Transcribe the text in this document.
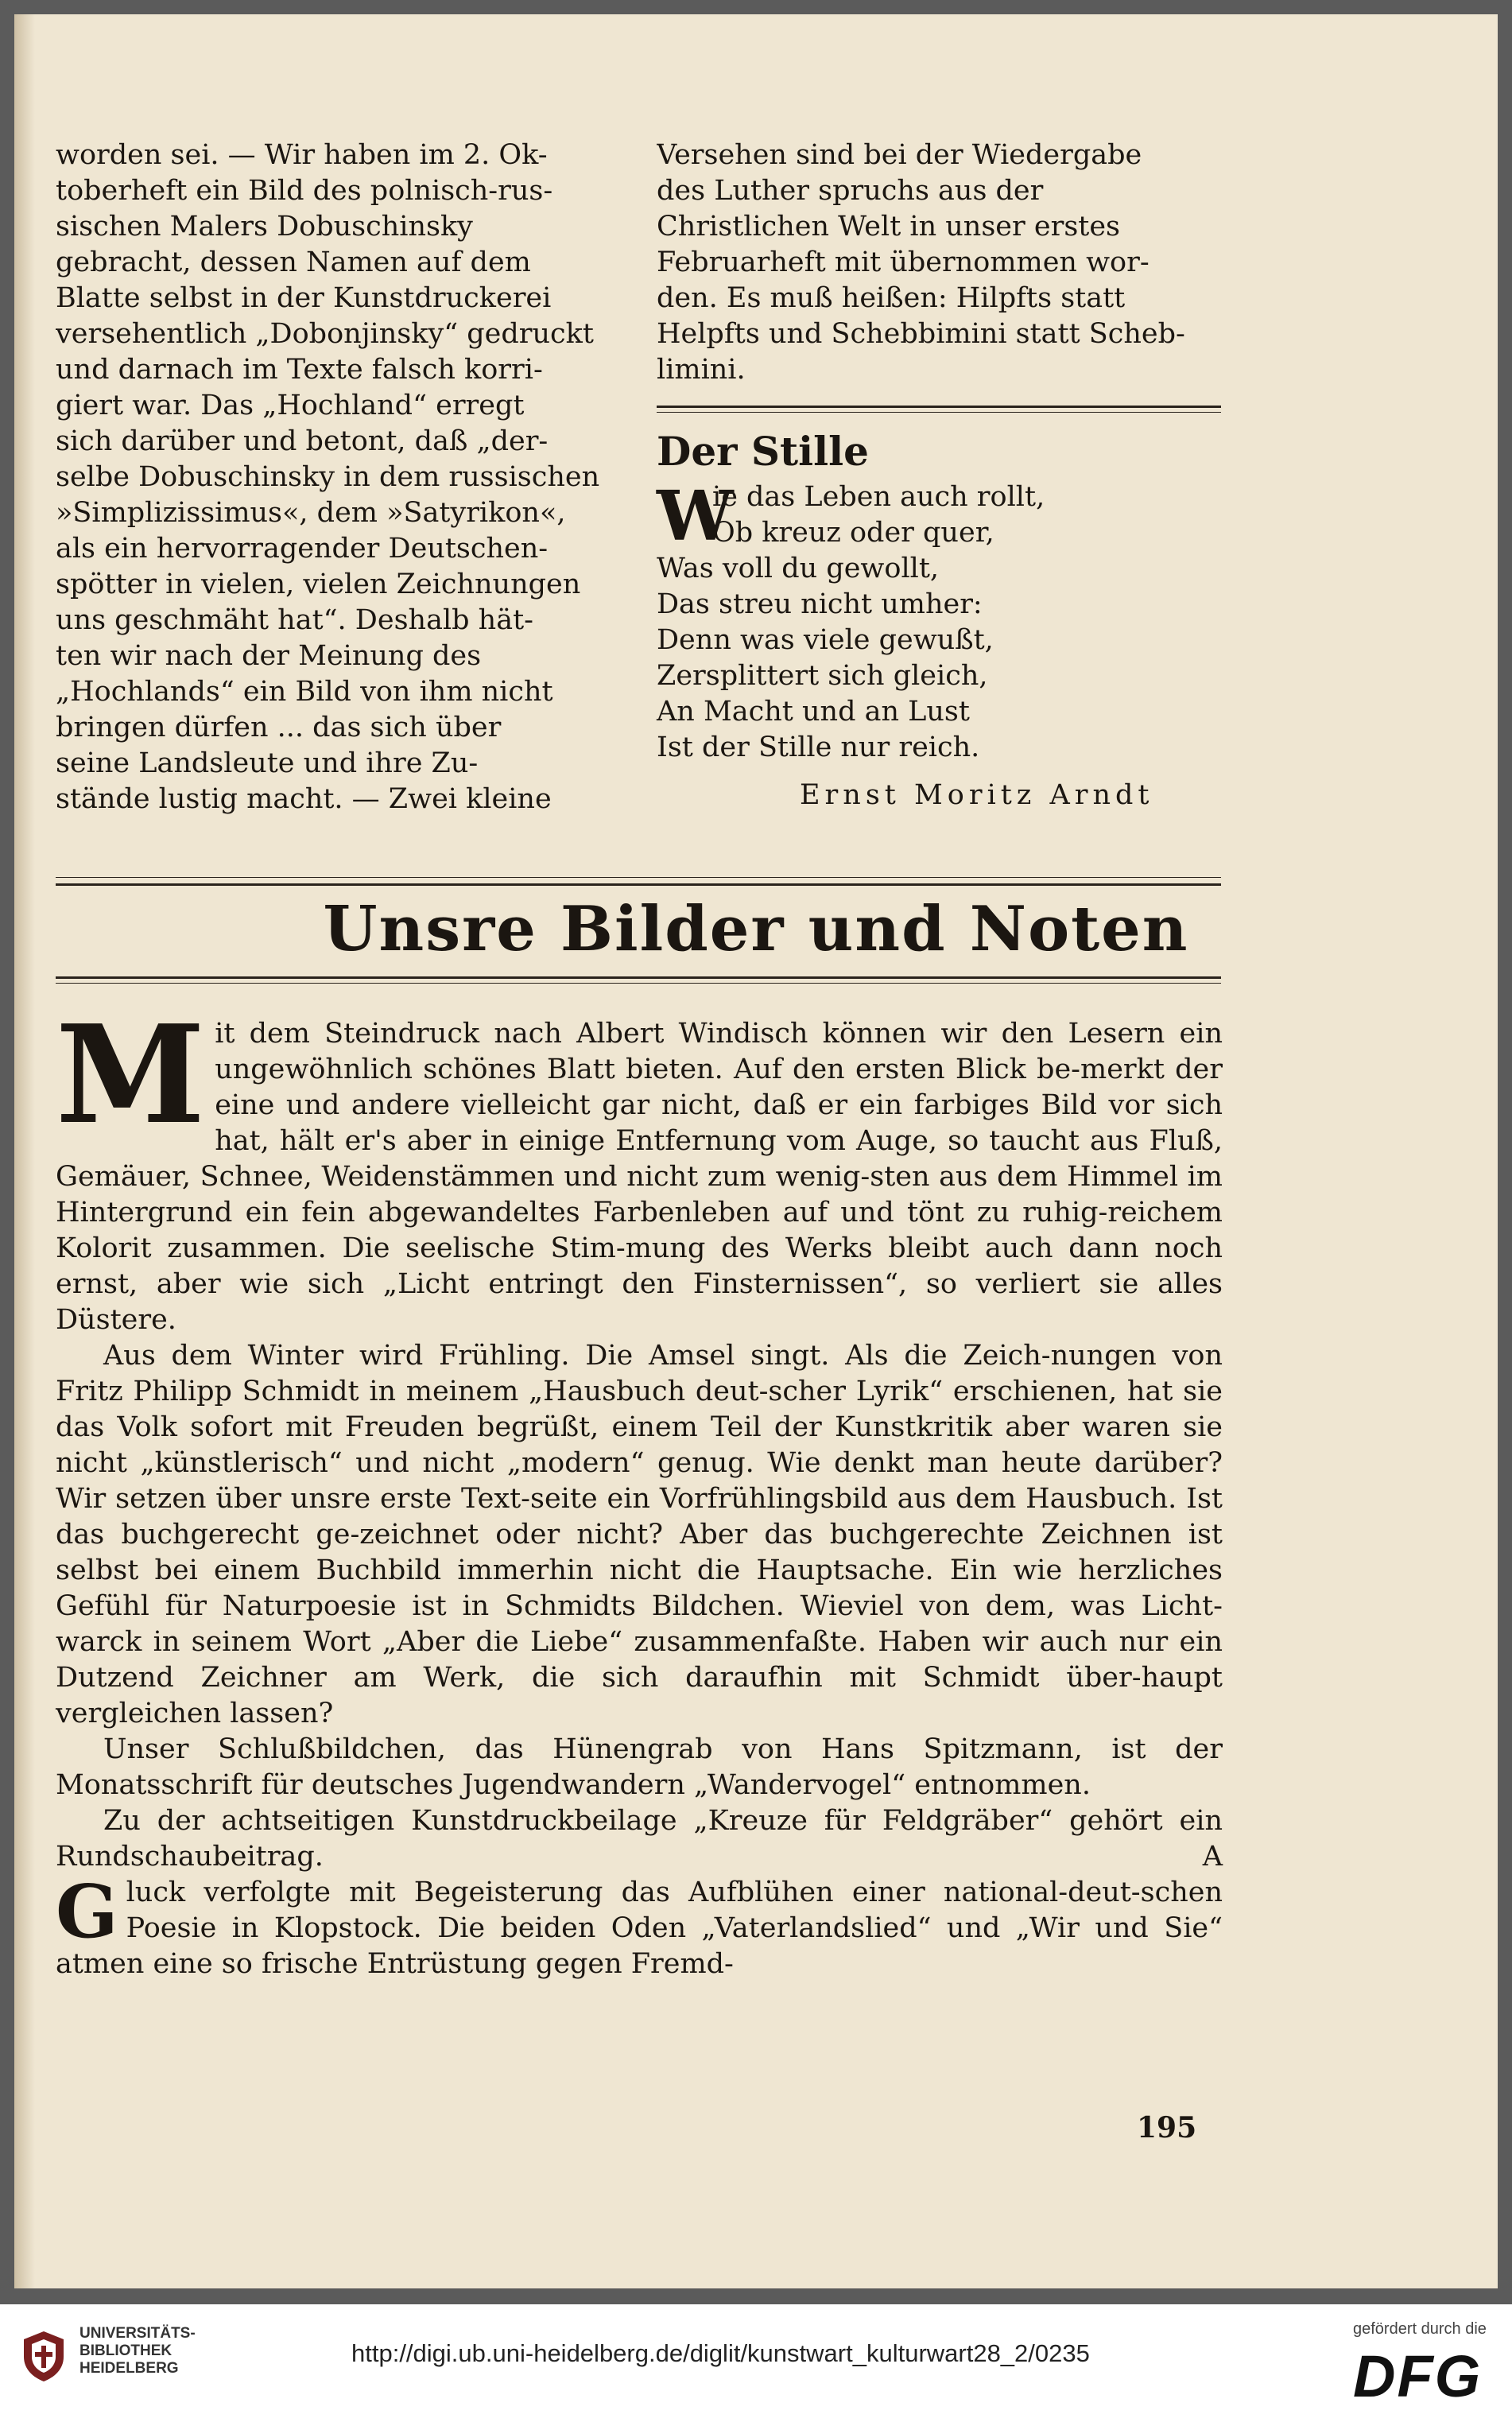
worden sei. — Wir haben im 2. Ok-

toberheft ein Bild des polnisch-rus-

sischen Malers Dobuschinsky

gebracht, dessen Namen auf dem

Blatte selbst in der Kunstdruckerei

versehentlich „Dobonjinsky“ gedruckt

und darnach im Texte falsch korri-

giert war. Das „Hochland“ erregt

sich darüber und betont, daß „der-

selbe Dobuschinsky in dem russischen

»Simplizissimus«, dem »Satyrikon«,

als ein hervorragender Deutschen-

spötter in vielen, vielen Zeichnungen

uns geschmäht hat“. Deshalb hät-

ten wir nach der Meinung des

„Hochlands“ ein Bild von ihm nicht

bringen dürfen ... das sich über

seine Landsleute und ihre Zu-

stände lustig macht. — Zwei kleine

Versehen sind bei der Wiedergabe

des Luther spruchs aus der

Christlichen Welt in unser erstes

Februarheft mit übernommen wor-

den. Es muß heißen: Hilpfts statt

Helpfts und Schebbimini statt Scheb-

limini.

Der Stille
W

ie das Leben auch rollt,

Ob kreuz oder quer,

Was voll du gewollt,

Das streu nicht umher:

Denn was viele gewußt,

Zersplittert sich gleich,

An Macht und an Lust

Ist der Stille nur reich.

Ernst Moritz Arndt
Unsre Bilder und Noten

M it dem Steindruck nach Albert Windisch können wir den Lesern ein ungewöhnlich schönes Blatt bieten. Auf den ersten Blick be-merkt der eine und andere vielleicht gar nicht, daß er ein farbiges Bild vor sich hat, hält er's aber in einige Entfernung vom Auge, so taucht aus Fluß, Gemäuer, Schnee, Weidenstämmen und nicht zum wenig-sten aus dem Himmel im Hintergrund ein fein abgewandeltes Farbenleben auf und tönt zu ruhig-reichem Kolorit zusammen. Die seelische Stim-mung des Werks bleibt auch dann noch ernst, aber wie sich „Licht entringt den Finsternissen“, so verliert sie alles Düstere.

Aus dem Winter wird Frühling. Die Amsel singt. Als die Zeich-nungen von Fritz Philipp Schmidt in meinem „Hausbuch deut-scher Lyrik“ erschienen, hat sie das Volk sofort mit Freuden begrüßt, einem Teil der Kunstkritik aber waren sie nicht „künstlerisch“ und nicht „modern“ genug. Wie denkt man heute darüber? Wir setzen über unsre erste Text-seite ein Vorfrühlingsbild aus dem Hausbuch. Ist das buchgerecht ge-zeichnet oder nicht? Aber das buchgerechte Zeichnen ist selbst bei einem Buchbild immerhin nicht die Hauptsache. Ein wie herzliches Gefühl für Naturpoesie ist in Schmidts Bildchen. Wieviel von dem, was Licht-warck in seinem Wort „Aber die Liebe“ zusammenfaßte. Haben wir auch nur ein Dutzend Zeichner am Werk, die sich daraufhin mit Schmidt über-haupt vergleichen lassen?

Unser Schlußbildchen, das Hünengrab von Hans Spitzmann, ist der Monatsschrift für deutsches Jugendwandern „Wandervogel“ entnommen.

Zu der achtseitigen Kunstdruckbeilage „Kreuze für Feldgräber“ gehört ein Rundschaubeitrag.	A

G luck verfolgte mit Begeisterung das Aufblühen einer national-deut-schen Poesie in Klopstock. Die beiden Oden „Vaterlandslied“ und „Wir und Sie“ atmen eine so frische Entrüstung gegen Fremd-

195
UNIVERSITÄTS-
BIBLIOTHEK
HEIDELBERG
http://digi.ub.uni-heidelberg.de/diglit/kunstwart_kulturwart28_2/0235
gefördert durch die
DFG
